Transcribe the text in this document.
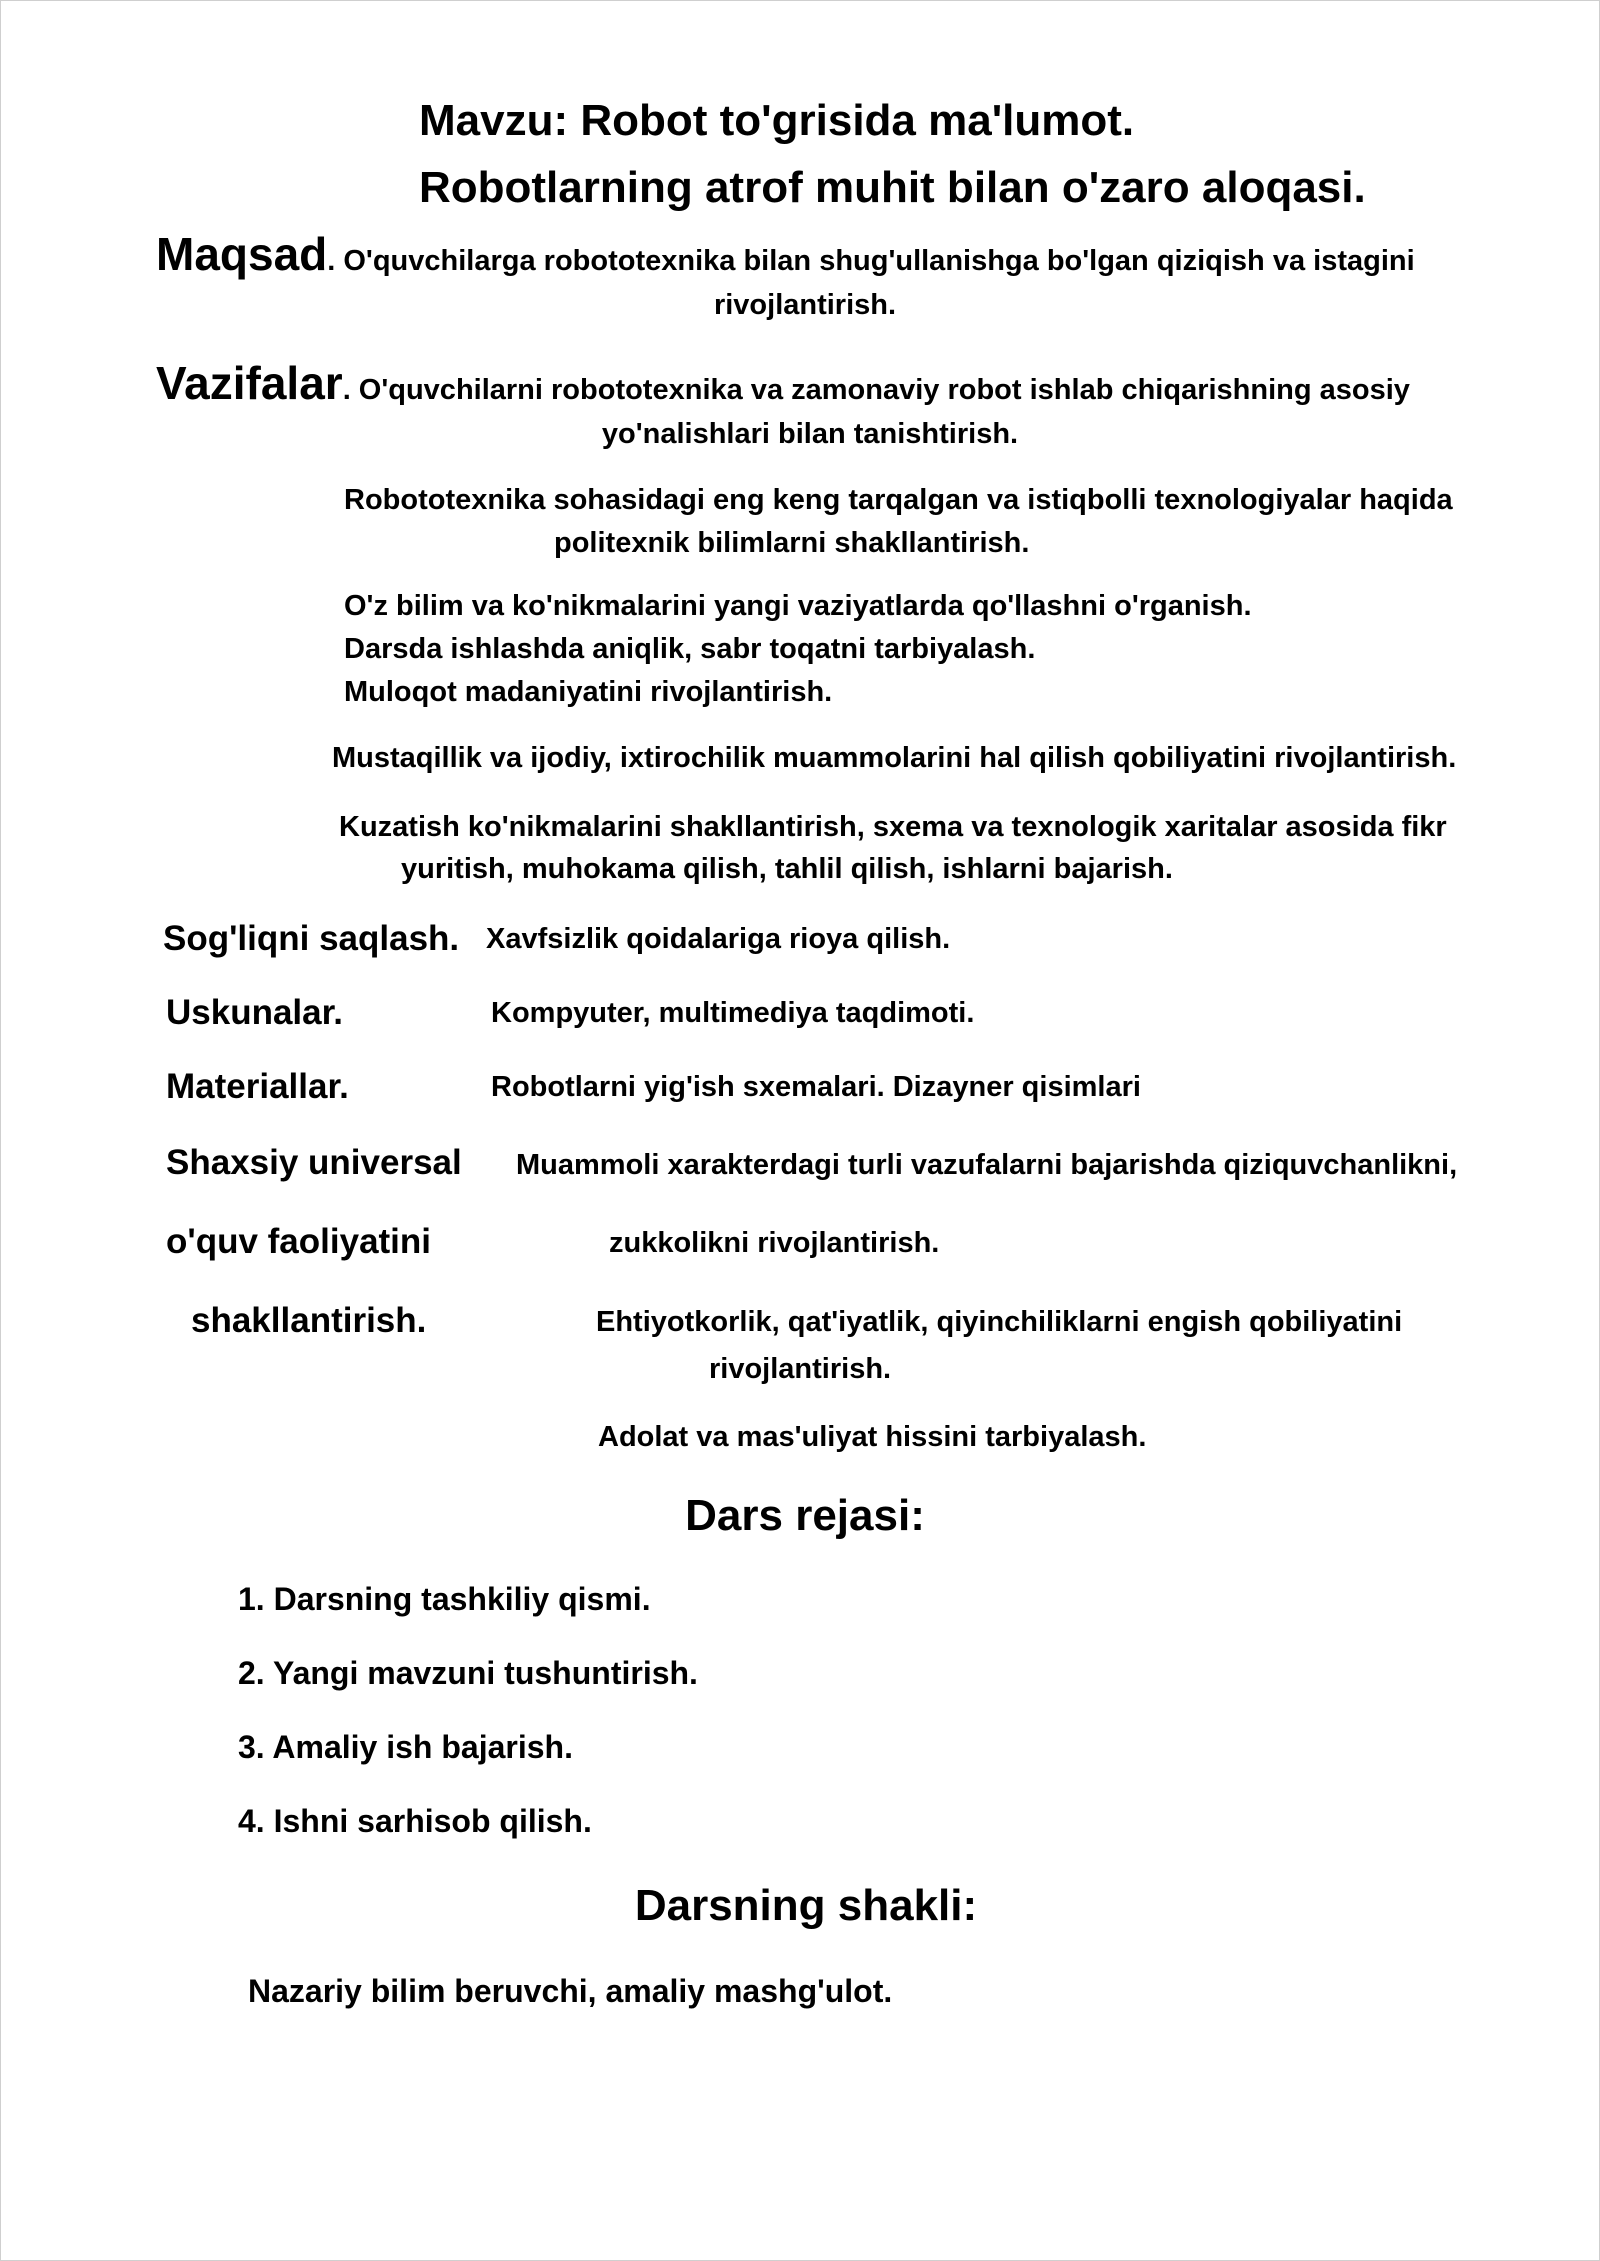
Mavzu: Robot to'grisida ma'lumot.
Robotlarning atrof muhit bilan o'zaro aloqasi.

Maqsad. O'quvchilarga robototexnika bilan shug'ullanishga bo'lgan qiziqish va istagini

rivojlantirish.

Vazifalar. O'quvchilarni robototexnika va zamonaviy robot ishlab chiqarishning asosiy

yo'nalishlari bilan tanishtirish.

Robototexnika sohasidagi eng keng tarqalgan va istiqbolli texnologiyalar haqida

politexnik bilimlarni shakllantirish.

O'z bilim va ko'nikmalarini yangi vaziyatlarda qo'llashni o'rganish.

Darsda ishlashda aniqlik, sabr toqatni tarbiyalash.

Muloqot madaniyatini rivojlantirish.

Mustaqillik va ijodiy, ixtirochilik muammolarini hal qilish qobiliyatini rivojlantirish.

Kuzatish ko'nikmalarini shakllantirish, sxema va texnologik xaritalar asosida fikr

yuritish, muhokama qilish, tahlil qilish, ishlarni bajarish.

Sog'liqni saqlash. Xavfsizlik qoidalariga rioya qilish.

Uskunalar.	Kompyuter, multimediya taqdimoti.

Materiallar.	Robotlarni yig'ish sxemalari. Dizayner qisimlari

Shaxsiy universal

o'quv faoliyatini

shakllantirish.

Muammoli xarakterdagi turli vazufalarni bajarishda qiziquvchanlikni,

zukkolikni rivojlantirish.

Ehtiyotkorlik, qat'iyatlik, qiyinchiliklarni engish qobiliyatini

rivojlantirish.

Adolat va mas'uliyat hissini tarbiyalash.

Dars rejasi:

1. Darsning tashkiliy qismi.

2. Yangi mavzuni tushuntirish.

3. Amaliy ish bajarish.

4. Ishni sarhisob qilish.

Darsning shakli:

Nazariy bilim beruvchi, amaliy mashg'ulot.
